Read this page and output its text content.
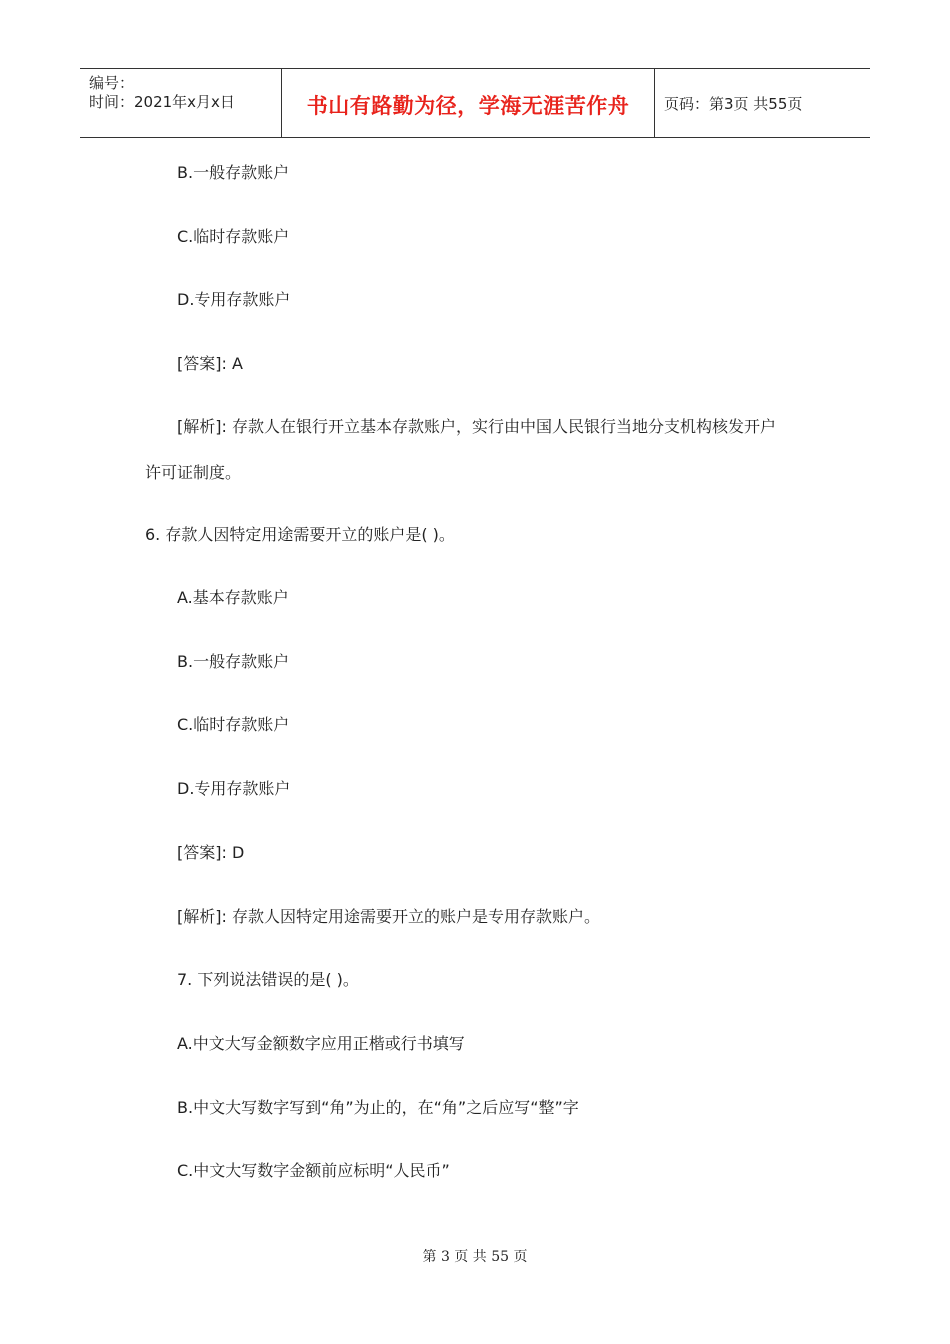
编号：
时间：2021年x月x日	书山有路勤为径，学海无涯苦作舟	页码：第3页 共55页
B.一般存款账户
C.临时存款账户
D.专用存款账户
[答案]: A
[解析]: 存款人在银行开立基本存款账户，实行由中国人民银行当地分支机构核发开户
许可证制度。
6. 存款人因特定用途需要开立的账户是( )。
A.基本存款账户
B.一般存款账户
C.临时存款账户
D.专用存款账户
[答案]: D
[解析]: 存款人因特定用途需要开立的账户是专用存款账户。
7. 下列说法错误的是( )。
A.中文大写金额数字应用正楷或行书填写
B.中文大写数字写到“角”为止的，在“角”之后应写“整”字
C.中文大写数字金额前应标明“人民币”
第 3 页 共 55 页
